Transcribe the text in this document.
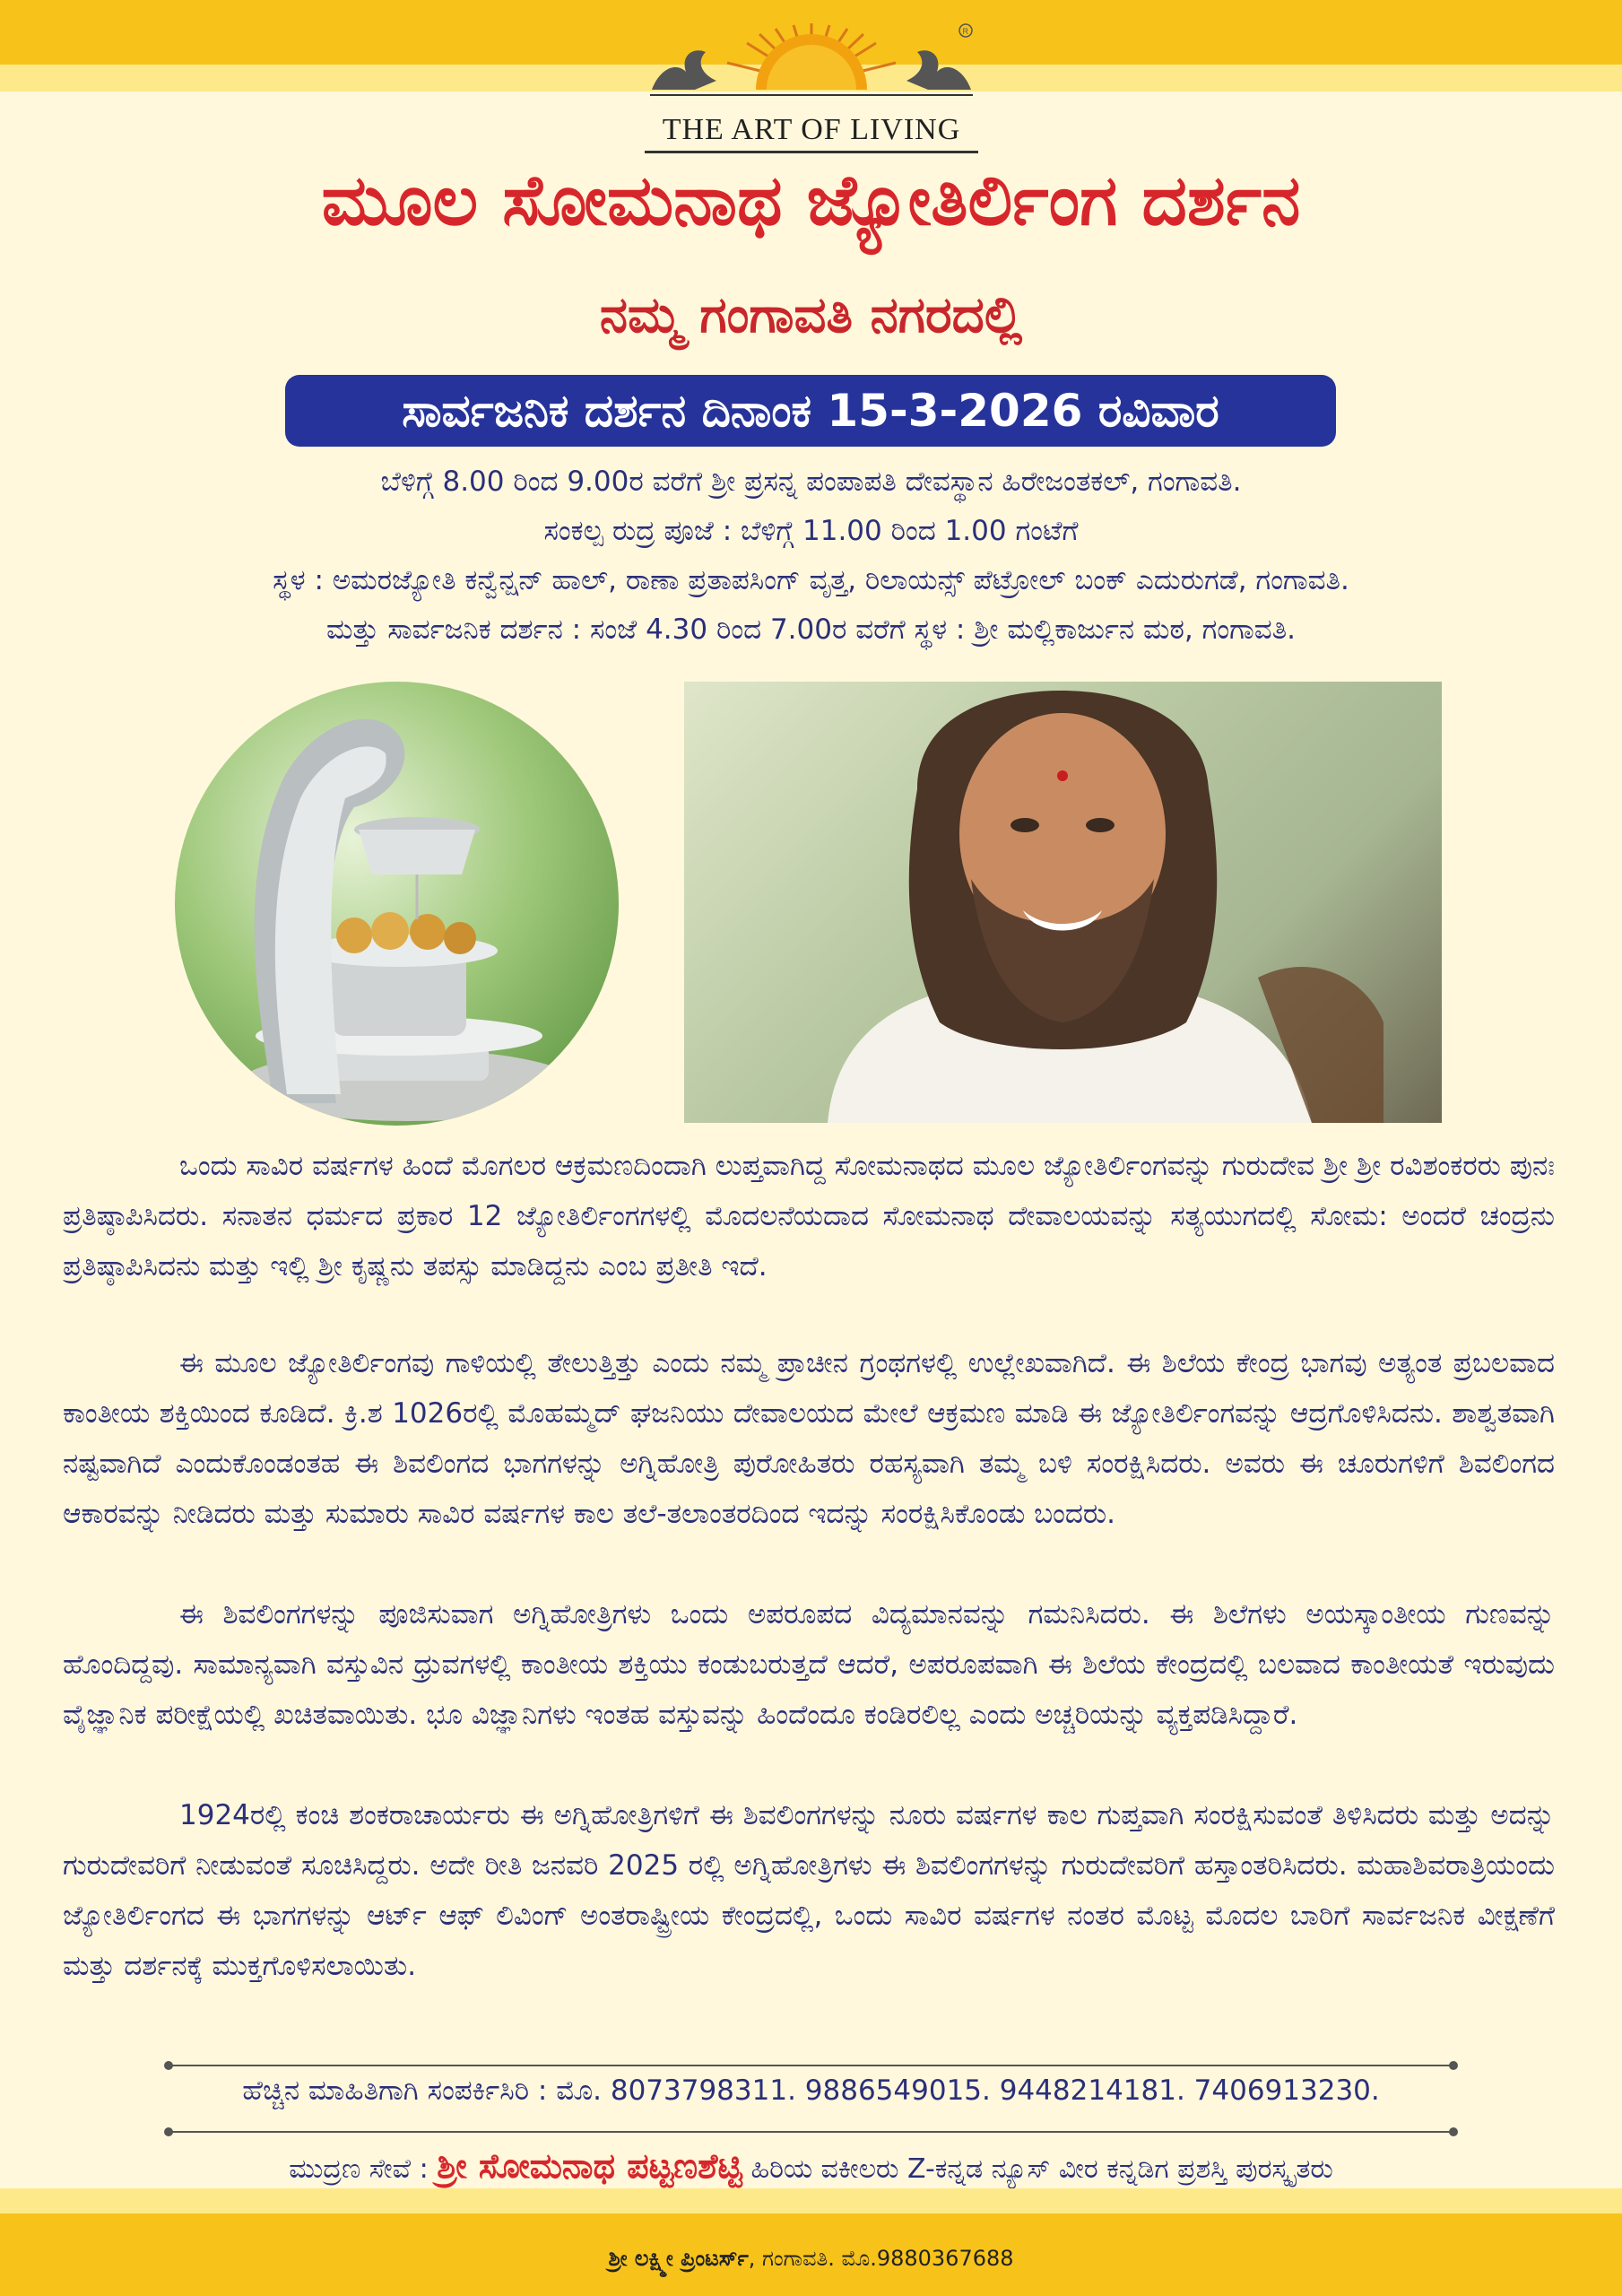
R
THE ART OF LIVING
ಮೂಲ ಸೋಮನಾಥ ಜ್ಯೋತಿರ್ಲಿಂಗ ದರ್ಶನ
ನಮ್ಮ ಗಂಗಾವತಿ ನಗರದಲ್ಲಿ
ಸಾರ್ವಜನಿಕ ದರ್ಶನ ದಿನಾಂಕ 15-3-2026 ರವಿವಾರ
ಬೆಳಿಗ್ಗೆ 8.00 ರಿಂದ 9.00ರ ವರೆಗೆ ಶ್ರೀ ಪ್ರಸನ್ನ ಪಂಪಾಪತಿ ದೇವಸ್ಥಾನ ಹಿರೇಜಂತಕಲ್, ಗಂಗಾವತಿ.
ಸಂಕಲ್ಪ ರುದ್ರ ಪೂಜೆ : ಬೆಳಿಗ್ಗೆ 11.00 ರಿಂದ 1.00 ಗಂಟೆಗೆ
ಸ್ಥಳ : ಅಮರಜ್ಯೋತಿ ಕನ್ವೆನ್ಷನ್ ಹಾಲ್, ರಾಣಾ ಪ್ರತಾಪಸಿಂಗ್ ವೃತ್ತ, ರಿಲಾಯನ್ಸ್ ಪೆಟ್ರೋಲ್ ಬಂಕ್ ಎದುರುಗಡೆ, ಗಂಗಾವತಿ.
ಮತ್ತು ಸಾರ್ವಜನಿಕ ದರ್ಶನ : ಸಂಜೆ 4.30 ರಿಂದ 7.00ರ ವರೆಗೆ ಸ್ಥಳ : ಶ್ರೀ ಮಲ್ಲಿಕಾರ್ಜುನ ಮಠ, ಗಂಗಾವತಿ.

ಒಂದು ಸಾವಿರ ವರ್ಷಗಳ ಹಿಂದೆ ಮೊಗಲರ ಆಕ್ರಮಣದಿಂದಾಗಿ ಲುಪ್ತವಾಗಿದ್ದ ಸೋಮನಾಥದ ಮೂಲ ಜ್ಯೋತಿರ್ಲಿಂಗವನ್ನು ಗುರುದೇವ ಶ್ರೀ ಶ್ರೀ ರವಿಶಂಕರರು ಪುನಃ ಪ್ರತಿಷ್ಠಾಪಿಸಿದರು. ಸನಾತನ ಧರ್ಮದ ಪ್ರಕಾರ 12 ಜ್ಯೋತಿರ್ಲಿಂಗಗಳಲ್ಲಿ ಮೊದಲನೆಯದಾದ ಸೋಮನಾಥ ದೇವಾಲಯವನ್ನು ಸತ್ಯಯುಗದಲ್ಲಿ ಸೋಮ: ಅಂದರೆ ಚಂದ್ರನು ಪ್ರತಿಷ್ಠಾಪಿಸಿದನು ಮತ್ತು ಇಲ್ಲಿ ಶ್ರೀ ಕೃಷ್ಣನು ತಪಸ್ಸು ಮಾಡಿದ್ದನು ಎಂಬ ಪ್ರತೀತಿ ಇದೆ.

ಈ ಮೂಲ ಜ್ಯೋತಿರ್ಲಿಂಗವು ಗಾಳಿಯಲ್ಲಿ ತೇಲುತ್ತಿತ್ತು ಎಂದು ನಮ್ಮ ಪ್ರಾಚೀನ ಗ್ರಂಥಗಳಲ್ಲಿ ಉಲ್ಲೇಖವಾಗಿದೆ. ಈ ಶಿಲೆಯ ಕೇಂದ್ರ ಭಾಗವು ಅತ್ಯಂತ ಪ್ರಬಲವಾದ ಕಾಂತೀಯ ಶಕ್ತಿಯಿಂದ ಕೂಡಿದೆ. ಕ್ರಿ.ಶ 1026ರಲ್ಲಿ ಮೊಹಮ್ಮದ್ ಘಜನಿಯು ದೇವಾಲಯದ ಮೇಲೆ ಆಕ್ರಮಣ ಮಾಡಿ ಈ ಜ್ಯೋತಿರ್ಲಿಂಗವನ್ನು ಆದ್ರಗೊಳಿಸಿದನು. ಶಾಶ್ವತವಾಗಿ ನಷ್ಟವಾಗಿದೆ ಎಂದುಕೊಂಡಂತಹ ಈ ಶಿವಲಿಂಗದ ಭಾಗಗಳನ್ನು ಅಗ್ನಿಹೋತ್ರಿ ಪುರೋಹಿತರು ರಹಸ್ಯವಾಗಿ ತಮ್ಮ ಬಳಿ ಸಂರಕ್ಷಿಸಿದರು. ಅವರು ಈ ಚೂರುಗಳಿಗೆ ಶಿವಲಿಂಗದ ಆಕಾರವನ್ನು ನೀಡಿದರು ಮತ್ತು ಸುಮಾರು ಸಾವಿರ ವರ್ಷಗಳ ಕಾಲ ತಲೆ-ತಲಾಂತರದಿಂದ ಇದನ್ನು ಸಂರಕ್ಷಿಸಿಕೊಂಡು ಬಂದರು.

ಈ ಶಿವಲಿಂಗಗಳನ್ನು ಪೂಜಿಸುವಾಗ ಅಗ್ನಿಹೋತ್ರಿಗಳು ಒಂದು ಅಪರೂಪದ ವಿದ್ಯಮಾನವನ್ನು ಗಮನಿಸಿದರು. ಈ ಶಿಲೆಗಳು ಅಯಸ್ಕಾಂತೀಯ ಗುಣವನ್ನು ಹೊಂದಿದ್ದವು. ಸಾಮಾನ್ಯವಾಗಿ ವಸ್ತುವಿನ ಧ್ರುವಗಳಲ್ಲಿ ಕಾಂತೀಯ ಶಕ್ತಿಯು ಕಂಡುಬರುತ್ತದೆ ಆದರೆ, ಅಪರೂಪವಾಗಿ ಈ ಶಿಲೆಯ ಕೇಂದ್ರದಲ್ಲಿ ಬಲವಾದ ಕಾಂತೀಯತೆ ಇರುವುದು ವೈಜ್ಞಾನಿಕ ಪರೀಕ್ಷೆಯಲ್ಲಿ ಖಚಿತವಾಯಿತು. ಭೂ ವಿಜ್ಞಾನಿಗಳು ಇಂತಹ ವಸ್ತುವನ್ನು ಹಿಂದೆಂದೂ ಕಂಡಿರಲಿಲ್ಲ ಎಂದು ಅಚ್ಚರಿಯನ್ನು ವ್ಯಕ್ತಪಡಿಸಿದ್ದಾರೆ.

1924ರಲ್ಲಿ ಕಂಚಿ ಶಂಕರಾಚಾರ್ಯರು ಈ ಅಗ್ನಿಹೋತ್ರಿಗಳಿಗೆ ಈ ಶಿವಲಿಂಗಗಳನ್ನು ನೂರು ವರ್ಷಗಳ ಕಾಲ ಗುಪ್ತವಾಗಿ ಸಂರಕ್ಷಿಸುವಂತೆ ತಿಳಿಸಿದರು ಮತ್ತು ಅದನ್ನು ಗುರುದೇವರಿಗೆ ನೀಡುವಂತೆ ಸೂಚಿಸಿದ್ದರು. ಅದೇ ರೀತಿ ಜನವರಿ 2025 ರಲ್ಲಿ ಅಗ್ನಿಹೋತ್ರಿಗಳು ಈ ಶಿವಲಿಂಗಗಳನ್ನು ಗುರುದೇವರಿಗೆ ಹಸ್ತಾಂತರಿಸಿದರು. ಮಹಾಶಿವರಾತ್ರಿಯಂದು ಜ್ಯೋತಿರ್ಲಿಂಗದ ಈ ಭಾಗಗಳನ್ನು ಆರ್ಟ್ ಆಫ್ ಲಿವಿಂಗ್ ಅಂತರಾಷ್ಟ್ರೀಯ ಕೇಂದ್ರದಲ್ಲಿ, ಒಂದು ಸಾವಿರ ವರ್ಷಗಳ ನಂತರ ಮೊಟ್ಟ ಮೊದಲ ಬಾರಿಗೆ ಸಾರ್ವಜನಿಕ ವೀಕ್ಷಣೆಗೆ ಮತ್ತು ದರ್ಶನಕ್ಕೆ ಮುಕ್ತಗೊಳಿಸಲಾಯಿತು.

ಹೆಚ್ಚಿನ ಮಾಹಿತಿಗಾಗಿ ಸಂಪರ್ಕಿಸಿರಿ : ಮೊ. 8073798311. 9886549015. 9448214181. 7406913230.
ಮುದ್ರಣ ಸೇವೆ : ಶ್ರೀ ಸೋಮನಾಥ ಪಟ್ಟಣಶೆಟ್ಟಿ ಹಿರಿಯ ವಕೀಲರು Z-ಕನ್ನಡ ನ್ಯೂಸ್ ವೀರ ಕನ್ನಡಿಗ ಪ್ರಶಸ್ತಿ ಪುರಸ್ಕೃತರು
ಶ್ರೀ ಲಕ್ಷ್ಮೀ ಪ್ರಿಂಟರ್ಸ್, ಗಂಗಾವತಿ. ಮೊ.9880367688
